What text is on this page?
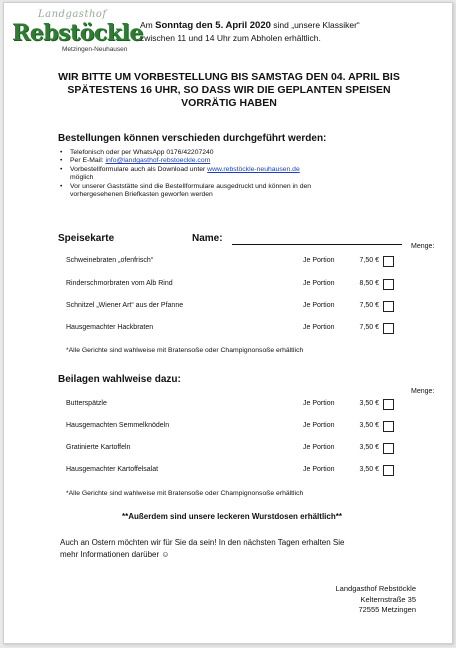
Landgasthof
Rebstöckle
Metzingen-Neuhausen
Am Sonntag den 5. April 2020 sind „unsere Klassiker“
zwischen 11 und 14 Uhr zum Abholen erhältlich.
WIR BITTE UM VORBESTELLUNG BIS SAMSTAG DEN 04. APRIL BIS
SPÄTESTENS 16 UHR, SO DASS WIR DIE GEPLANTEN SPEISEN
VORRÄTIG HABEN
Bestellungen können verschieden durchgeführt werden:
• Telefonisch oder per WhatsApp 0176/42207240
• Per E-Mail: info@landgasthof-rebstoeckle.com
• Vorbestellformulare auch als Download unter www.rebstöckle-neuhausen.de
möglich
• Vor unserer Gaststätte sind die Bestellformulare ausgedruckt und können in den
vorhergesehenen Briefkasten geworfen werden
Speisekarte	Name:
Menge:
Schweinebraten „ofenfrisch“	Je Portion	7,50 €
Rinderschmorbraten vom Alb Rind	Je Portion	8,50 €
Schnitzel „Wiener Art“ aus der Pfanne	Je Portion	7,50 €
Hausgemachter Hackbraten	Je Portion	7,50 €
*Alle Gerichte sind wahlweise mit Bratensoße oder Champignonsoße erhältlich
Beilagen wahlweise dazu:
Menge:
Butterspätzle	Je Portion	3,50 €
Hausgemachten Semmelknödeln	Je Portion	3,50 €
Gratinierte Kartoffeln	Je Portion	3,50 €
Hausgemachter Kartoffelsalat	Je Portion	3,50 €
*Alle Gerichte sind wahlweise mit Bratensoße oder Champignonsoße erhältlich
**Außerdem sind unsere leckeren Wurstdosen erhältlich**
Auch an Ostern möchten wir für Sie da sein! In den nächsten Tagen erhalten Sie
mehr Informationen darüber ☺
Landgasthof Rebstöckle
Kelternstraße 35
72555 Metzingen
